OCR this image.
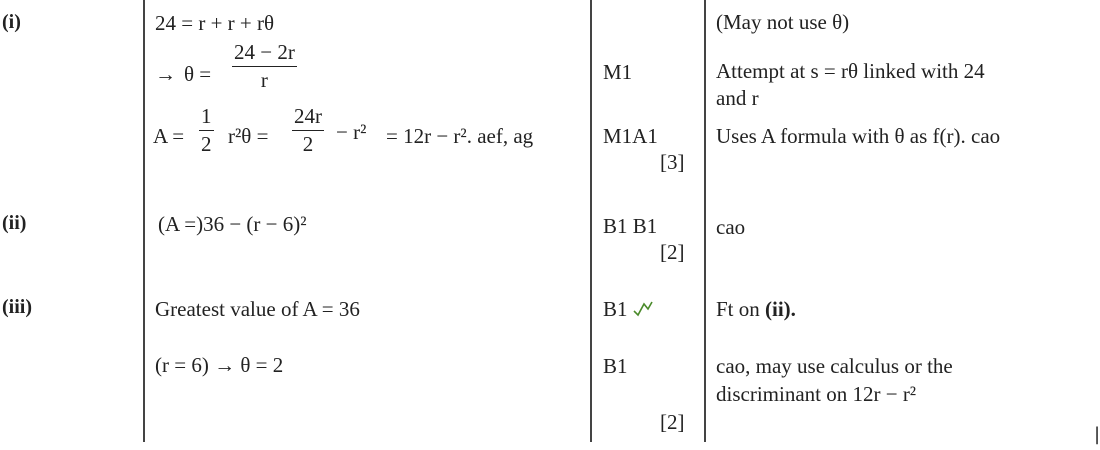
(i)
(ii)
(iii)
24 = r + r + rθ
→ θ =
24 − 2r
r
A =
1
2 r²θ =
24r
2
− r² = 12r − r². aef, ag
M1
M1A1
[3]
(May not use θ)
Attempt at s = rθ linked with 24
and r
Uses A formula with θ as f(r). cao
(A =)36 − (r − 6)²	B1 B1
[2]
cao
Greatest value of A = 36
(r = 6) → θ = 2
B1
B1
[2]
Ft on (ii).
cao, may use calculus or the
discriminant on 12r − r²
|
